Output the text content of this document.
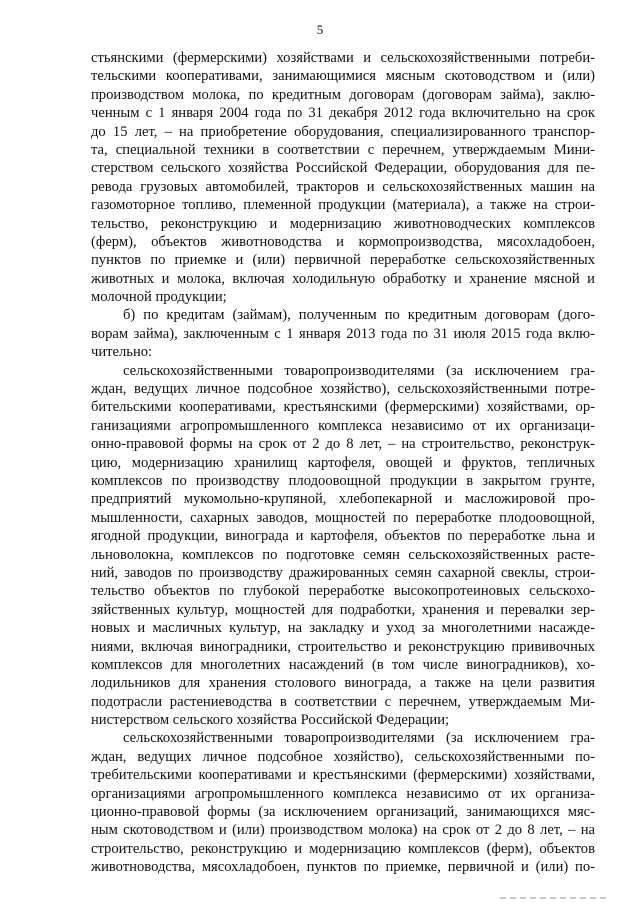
5
стьянскими (фермерскими) хозяйствами и сельскохозяйственными потреби-
тельскими кооперативами, занимающимися мясным скотоводством и (или)
производством молока, по кредитным договорам (договорам займа), заклю-
ченным с 1 января 2004 года по 31 декабря 2012 года включительно на срок
до 15 лет, – на приобретение оборудования, специализированного транспор-
та, специальной техники в соответствии с перечнем, утверждаемым Мини-
стерством сельского хозяйства Российской Федерации, оборудования для пе-
ревода грузовых автомобилей, тракторов и сельскохозяйственных машин на
газомоторное топливо, племенной продукции (материала), а также на строи-
тельство, реконструкцию и модернизацию животноводческих комплексов
(ферм), объектов животноводства и кормопроизводства, мясохладобоен,
пунктов по приемке и (или) первичной переработке сельскохозяйственных
животных и молока, включая холодильную обработку и хранение мясной и
молочной продукции;
б) по кредитам (займам), полученным по кредитным договорам (дого-
ворам займа), заключенным с 1 января 2013 года по 31 июля 2015 года вклю-
чительно:
сельскохозяйственными товаропроизводителями (за исключением гра-
ждан, ведущих личное подсобное хозяйство), сельскохозяйственными потре-
бительскими кооперативами, крестьянскими (фермерскими) хозяйствами, ор-
ганизациями агропромышленного комплекса независимо от их организаци-
онно-правовой формы на срок от 2 до 8 лет, – на строительство, реконструк-
цию, модернизацию хранилищ картофеля, овощей и фруктов, тепличных
комплексов по производству плодоовощной продукции в закрытом грунте,
предприятий мукомольно-крупяной, хлебопекарной и масложировой про-
мышленности, сахарных заводов, мощностей по переработке плодоовощной,
ягодной продукции, винограда и картофеля, объектов по переработке льна и
льноволокна, комплексов по подготовке семян сельскохозяйственных расте-
ний, заводов по производству дражированных семян сахарной свеклы, строи-
тельство объектов по глубокой переработке высокопротеиновых сельскохо-
зяйственных культур, мощностей для подработки, хранения и перевалки зер-
новых и масличных культур, на закладку и уход за многолетними насажде-
ниями, включая виноградники, строительство и реконструкцию прививочных
комплексов для многолетних насаждений (в том числе виноградников), хо-
лодильников для хранения столового винограда, а также на цели развития
подотрасли растениеводства в соответствии с перечнем, утверждаемым Ми-
нистерством сельского хозяйства Российской Федерации;
сельскохозяйственными товаропроизводителями (за исключением гра-
ждан, ведущих личное подсобное хозяйство), сельскохозяйственными по-
требительскими кооперативами и крестьянскими (фермерскими) хозяйствами,
организациями агропромышленного комплекса независимо от их организа-
ционно-правовой формы (за исключением организаций, занимающихся мяс-
ным скотоводством и (или) производством молока) на срок от 2 до 8 лет, – на
строительство, реконструкцию и модернизацию комплексов (ферм), объектов
животноводства, мясохладобоен, пунктов по приемке, первичной и (или) по-
